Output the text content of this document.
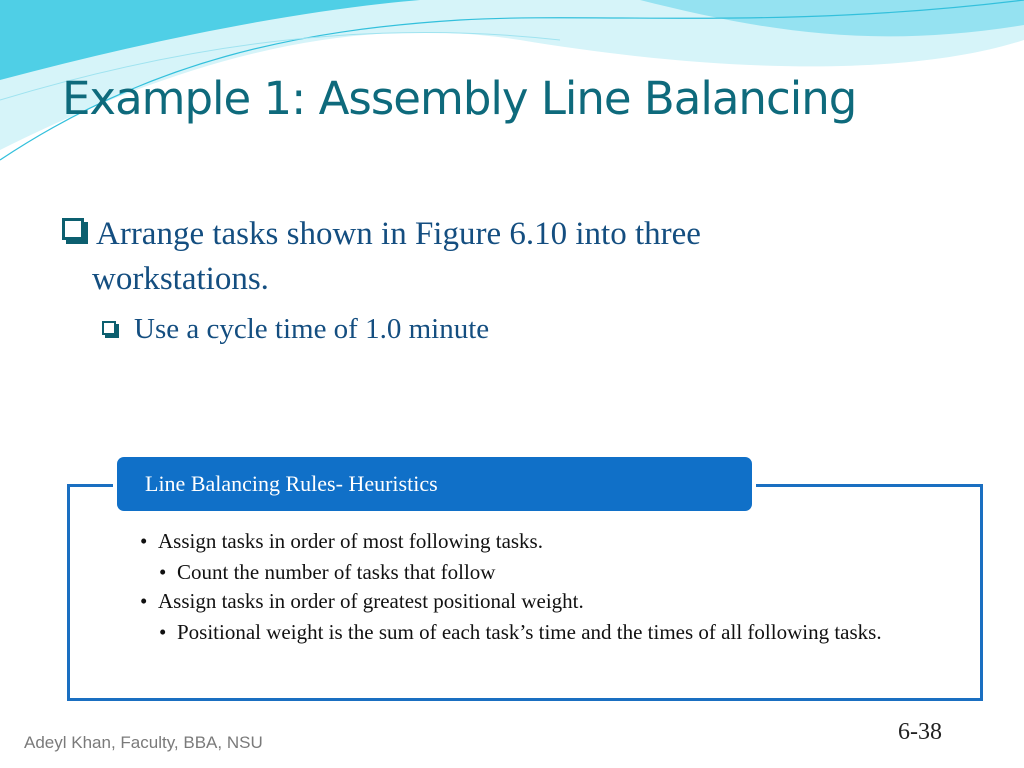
Example 1: Assembly Line Balancing
Arrange tasks shown in Figure 6.10 into three
workstations.
Use a cycle time of 1.0 minute
Line Balancing Rules- Heuristics
• Assign tasks in order of most following tasks.
• Count the number of tasks that follow
• Assign tasks in order of greatest positional weight.
• Positional weight is the sum of each task’s time and the times of all following tasks.
Adeyl Khan, Faculty, BBA, NSU	6-38
